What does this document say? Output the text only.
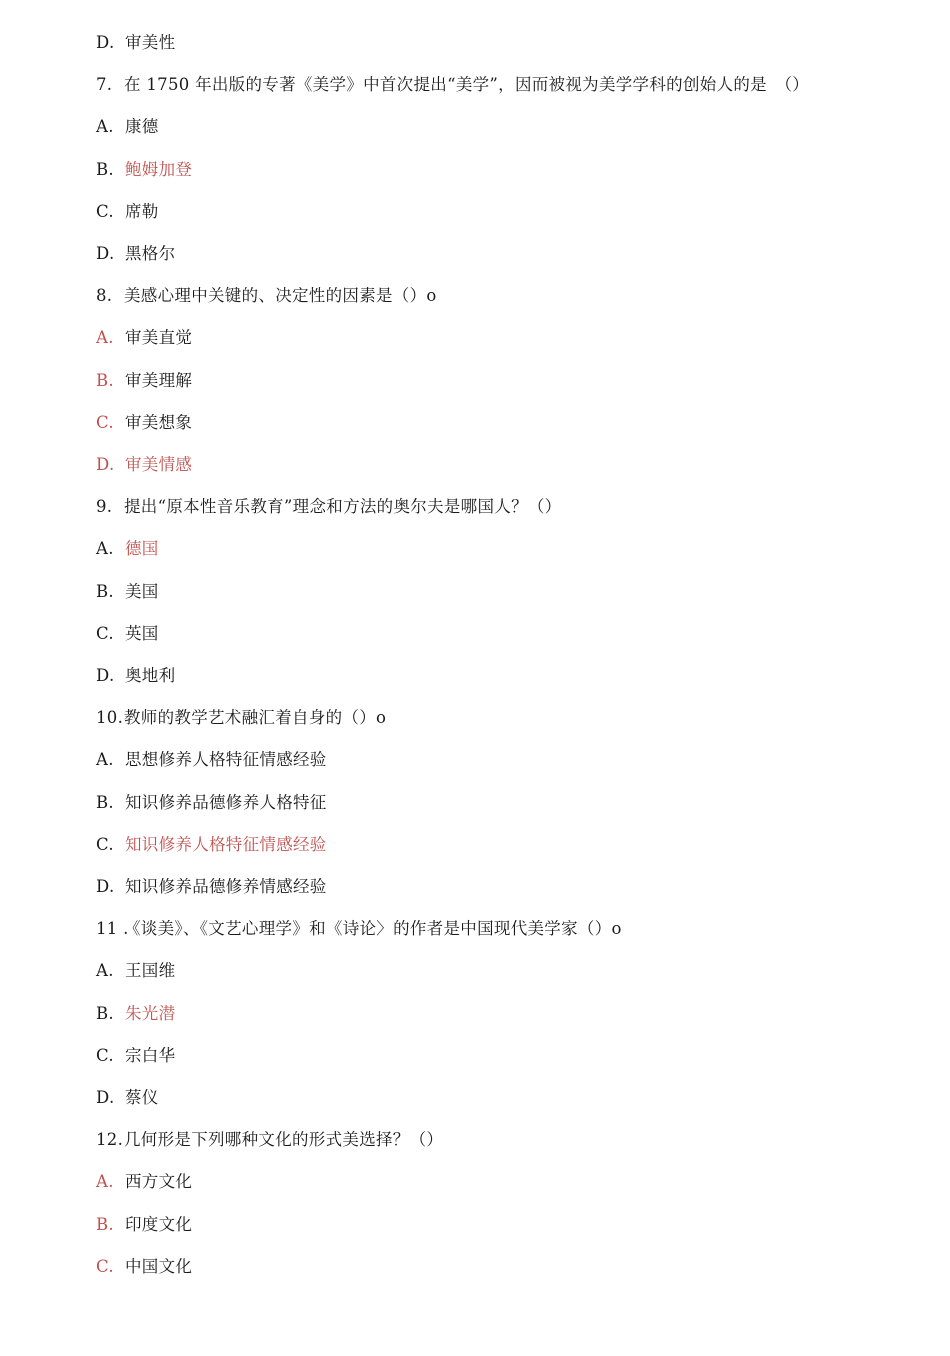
D. 审美性
7. 在 1750 年出版的专著《美学》中首次提出“美学”，因而被视为美学学科的创始人的是　（）
A. 康德
B. 鲍姆加登
C. 席勒
D. 黑格尔
8. 美感心理中关键的、决定性的因素是（）o
A. 审美直觉
B. 审美理解
C. 审美想象
D. 审美情感
9. 提出“原本性音乐教育”理念和方法的奥尔夫是哪国人？（）
A. 德国
B. 美国
C. 英国
D. 奥地利
10.教师的教学艺术融汇着自身的（）o
A. 思想修养人格特征情感经验
B. 知识修养品德修养人格特征
C. 知识修养人格特征情感经验
D. 知识修养品德修养情感经验
11 .《谈美》、《文艺心理学》和《诗论〉的作者是中国现代美学家（）o
A. 王国维
B. 朱光潜
C. 宗白华
D. 蔡仪
12.几何形是下列哪种文化的形式美选择？（）
A. 西方文化
B. 印度文化
C. 中国文化
